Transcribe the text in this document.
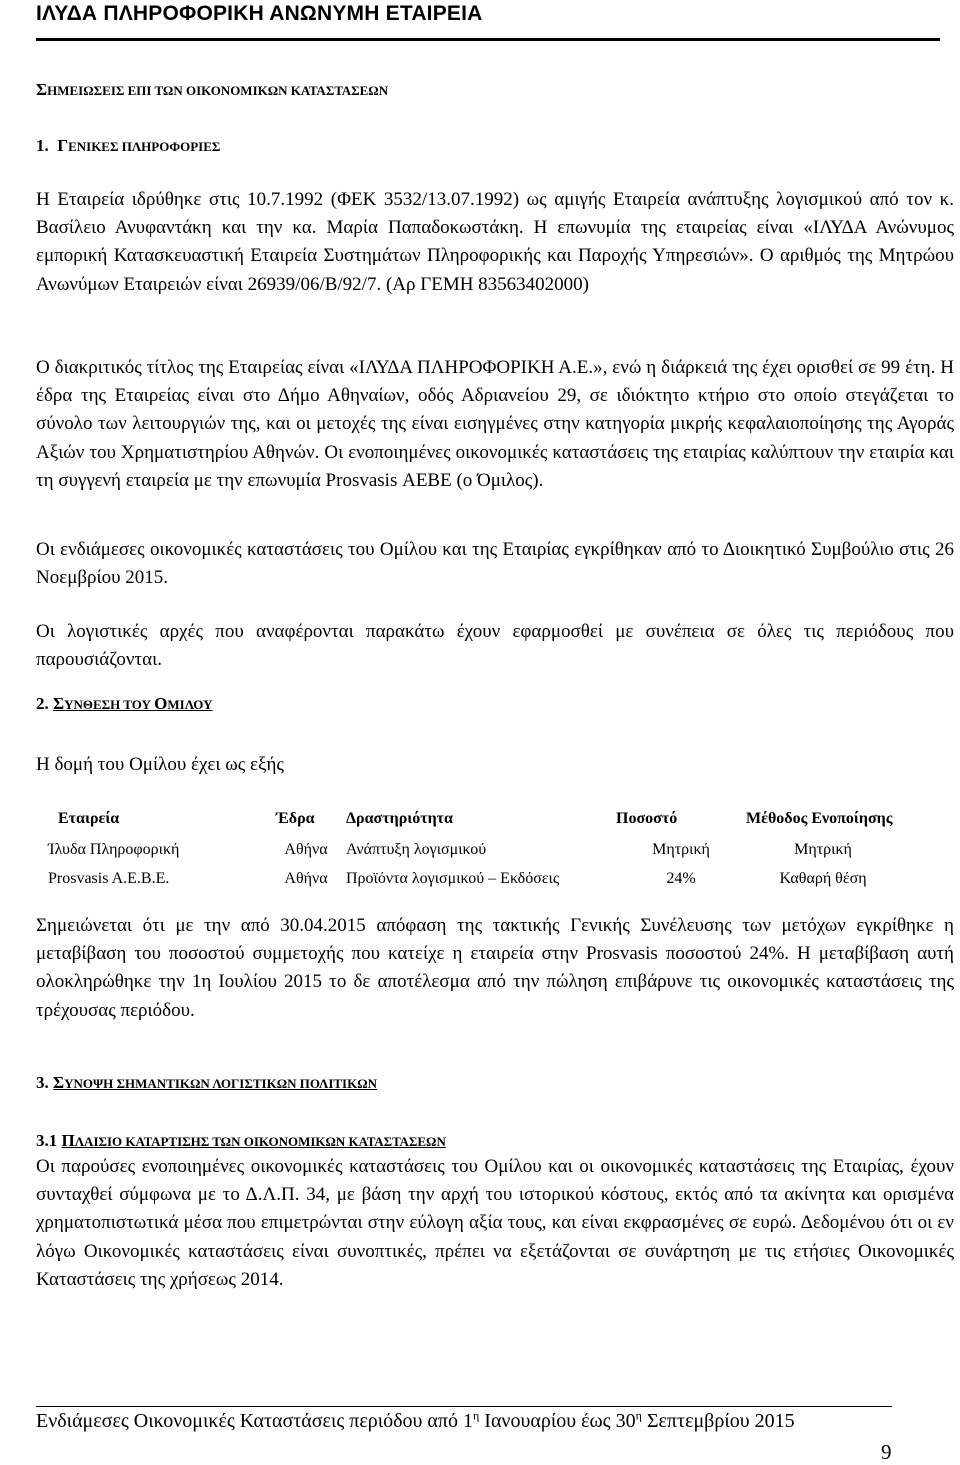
ΙΛΥΔΑ ΠΛΗΡΟΦΟΡΙΚΗ ΑΝΩΝΥΜΗ ΕΤΑΙΡΕΙΑ
ΣΗΜΕΙΩΣΕΙΣ ΕΠΙ ΤΩΝ ΟΙΚΟΝΟΜΙΚΩΝ ΚΑΤΑΣΤΑΣΕΩΝ
1. ΓΕΝΙΚΕΣ ΠΛΗΡΟΦΟΡΙΕΣ
Η Εταιρεία ιδρύθηκε στις 10.7.1992 (ΦΕΚ 3532/13.07.1992) ως αμιγής Εταιρεία ανάπτυξης λογισμικού από τον κ. Βασίλειο Ανυφαντάκη και την κα. Μαρία Παπαδοκωστάκη. Η επωνυμία της εταιρείας είναι «ΙΛΥΔΑ Ανώνυμος εμπορική Κατασκευαστική Εταιρεία Συστημάτων Πληροφορικής και Παροχής Υπηρεσιών». Ο αριθμός της Μητρώου Ανωνύμων Εταιρειών είναι 26939/06/Β/92/7. (Αρ ΓΕΜΗ 83563402000)
Ο διακριτικός τίτλος της Εταιρείας είναι «ΙΛΥΔΑ ΠΛΗΡΟΦΟΡΙΚΗ Α.Ε.», ενώ η διάρκειά της έχει ορισθεί σε 99 έτη. Η έδρα της Εταιρείας είναι στο Δήμο Αθηναίων, οδός Αδριανείου 29, σε ιδιόκτητο κτήριο στο οποίο στεγάζεται το σύνολο των λειτουργιών της, και οι μετοχές της είναι εισηγμένες στην κατηγορία μικρής κεφαλαιοποίησης της Αγοράς Αξιών του Χρηματιστηρίου Αθηνών. Οι ενοποιημένες οικονομικές καταστάσεις της εταιρίας καλύπτουν την εταιρία και τη συγγενή εταιρεία με την επωνυμία Prosvasis ΑΕΒΕ (ο Όμιλος).
Οι ενδιάμεσες οικονομικές καταστάσεις του Ομίλου και της Εταιρίας εγκρίθηκαν από το Διοικητικό Συμβούλιο στις 26 Νοεμβρίου 2015.
Οι λογιστικές αρχές που αναφέρονται παρακάτω έχουν εφαρμοσθεί με συνέπεια σε όλες τις περιόδους που παρουσιάζονται.
2. ΣΥΝΘΕΣΗ ΤΟΥ ΟΜΙΛΟΥ
Η δομή του Ομίλου έχει ως εξής
Εταιρεία	Έδρα	Δραστηριότητα	Ποσοστό	Μέθοδος Ενοποίησης
Ίλυδα Πληροφορική	Αθήνα	Ανάπτυξη λογισμικού	Μητρική	Μητρική
Prosvasis A.E.B.E.	Αθήνα	Προϊόντα λογισμικού – Εκδόσεις	24%	Καθαρή θέση
Σημειώνεται ότι με την από 30.04.2015 απόφαση της τακτικής Γενικής Συνέλευσης των μετόχων εγκρίθηκε η μεταβίβαση του ποσοστού συμμετοχής που κατείχε η εταιρεία στην Prosvasis ποσοστού 24%. Η μεταβίβαση αυτή ολοκληρώθηκε την 1η Ιουλίου 2015 το δε αποτέλεσμα από την πώληση επιβάρυνε τις οικονομικές καταστάσεις της τρέχουσας περιόδου.
3. ΣΥΝΟΨΗ ΣΗΜΑΝΤΙΚΩΝ ΛΟΓΙΣΤΙΚΩΝ ΠΟΛΙΤΙΚΩΝ
3.1 ΠΛΑΙΣΙΟ ΚΑΤΑΡΤΙΣΗΣ ΤΩΝ ΟΙΚΟΝΟΜΙΚΩΝ ΚΑΤΑΣΤΑΣΕΩΝ
Οι παρούσες ενοποιημένες οικονομικές καταστάσεις του Ομίλου και οι οικονομικές καταστάσεις της Εταιρίας, έχουν συνταχθεί σύμφωνα με το Δ.Λ.Π. 34, με βάση την αρχή του ιστορικού κόστους, εκτός από τα ακίνητα και ορισμένα χρηματοπιστωτικά μέσα που επιμετρώνται στην εύλογη αξία τους, και είναι εκφρασμένες σε ευρώ. Δεδομένου ότι οι εν λόγω Οικονομικές καταστάσεις είναι συνοπτικές, πρέπει να εξετάζονται σε συνάρτηση με τις ετήσιες Οικονομικές Καταστάσεις της χρήσεως 2014.
Ενδιάμεσες Οικονομικές Καταστάσεις περιόδου από $1^\eta$ Ιανουαρίου έως $30^\eta$ Σεπτεμβρίου 2015
9
